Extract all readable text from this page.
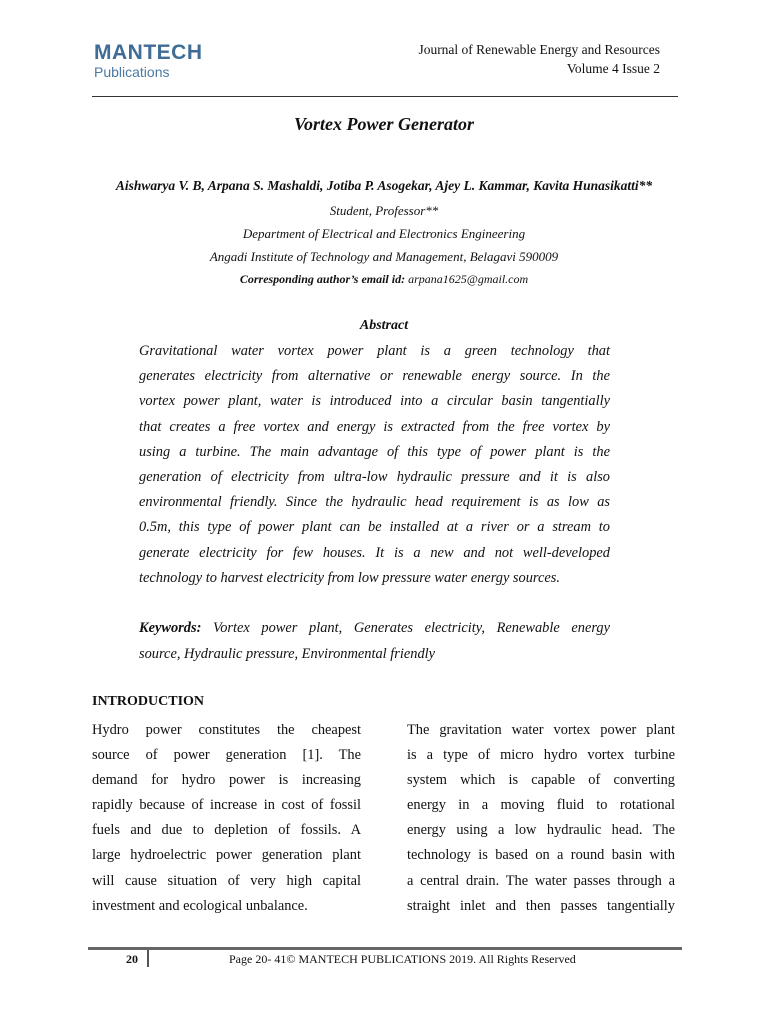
MANTECH
Publications
Journal of Renewable Energy and Resources
Volume 4 Issue 2
Vortex Power Generator
Aishwarya V. B, Arpana S. Mashaldi, Jotiba P. Asogekar, Ajey L. Kammar, Kavita Hunasikatti**
Student, Professor**
Department of Electrical and Electronics Engineering
Angadi Institute of Technology and Management, Belagavi 590009
Corresponding author’s email id: arpana1625@gmail.com
Abstract
Gravitational water vortex power plant is a green technology that
generates electricity from alternative or renewable energy source. In the
vortex power plant, water is introduced into a circular basin tangentially
that creates a free vortex and energy is extracted from the free vortex by
using a turbine. The main advantage of this type of power plant is the
generation of electricity from ultra-low hydraulic pressure and it is also
environmental friendly. Since the hydraulic head requirement is as low as
0.5m, this type of power plant can be installed at a river or a stream to
generate electricity for few houses. It is a new and not well-developed
technology to harvest electricity from low pressure water energy sources.
Keywords: Vortex power plant, Generates electricity, Renewable energy
source, Hydraulic pressure, Environmental friendly
INTRODUCTION
Hydro power constitutes the cheapest
source of power generation [1]. The
demand for hydro power is increasing
rapidly because of increase in cost of fossil
fuels and due to depletion of fossils. A
large hydroelectric power generation plant
will cause situation of very high capital
investment and ecological unbalance.
The gravitation water vortex power plant
is a type of micro hydro vortex turbine
system which is capable of converting
energy in a moving fluid to rotational
energy using a low hydraulic head. The
technology is based on a round basin with
a central drain. The water passes through a
straight inlet and then passes tangentially
20	Page 20- 41© MANTECH PUBLICATIONS 2019. All Rights Reserved
